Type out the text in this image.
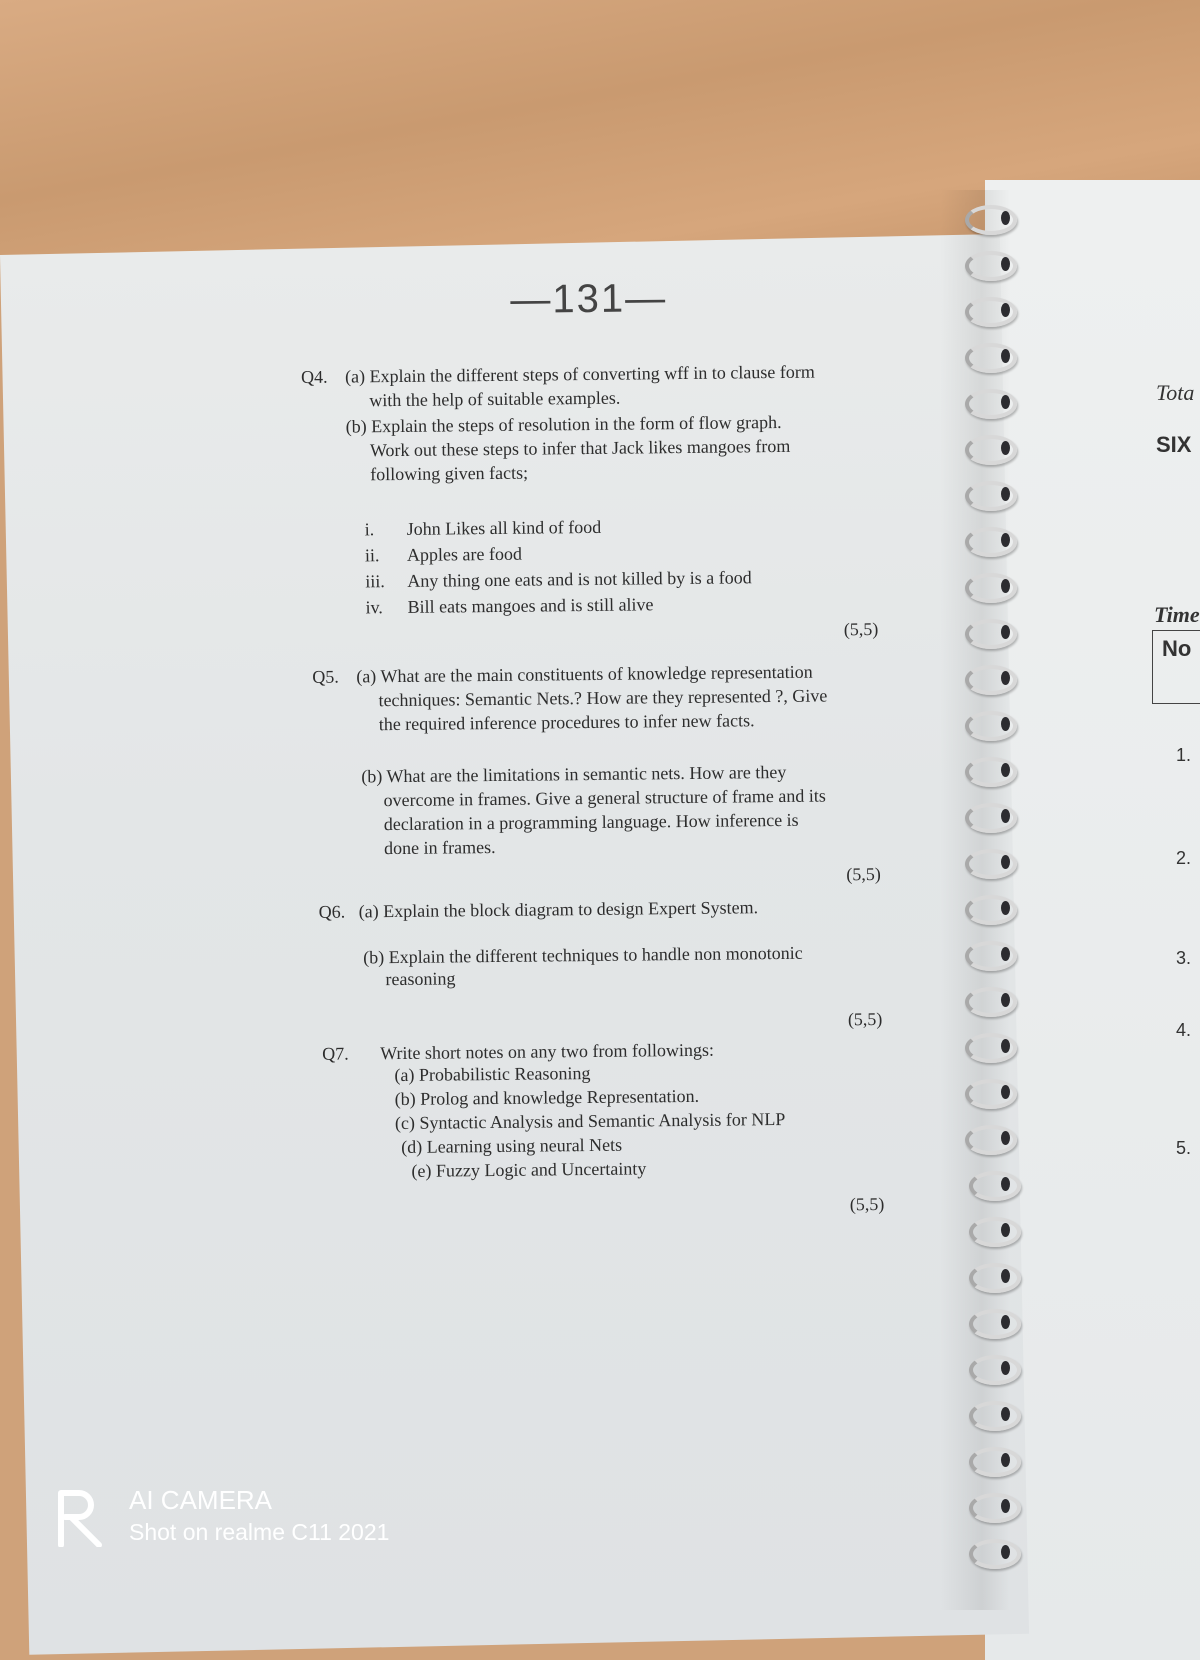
—131—
Q4. (a) Explain the different steps of converting wff in to clause form
with the help of suitable examples.
(b) Explain the steps of resolution in the form of flow graph.
Work out these steps to infer that Jack likes mangoes from
following given facts;
i. John Likes all kind of food
ii. Apples are food
iii. Any thing one eats and is not killed by is a food
iv. Bill eats mangoes and is still alive
(5,5)
Q5. (a) What are the main constituents of knowledge representation
techniques: Semantic Nets.? How are they represented ?, Give
the required inference procedures to infer new facts.
(b) What are the limitations in semantic nets. How are they
overcome in frames. Give a general structure of frame and its
declaration in a programming language. How inference is
done in frames.
(5,5)
Q6. (a) Explain the block diagram to design Expert System.
(b) Explain the different techniques to handle non monotonic
reasoning
(5,5)
Q7. Write short notes on any two from followings:
(a) Probabilistic Reasoning
(b) Prolog and knowledge Representation.
(c) Syntactic Analysis and Semantic Analysis for NLP
(d) Learning using neural Nets
(e) Fuzzy Logic and Uncertainty
(5,5)
Tota
SIX
Time
No
1.
2.
3.
4.
5.
AI CAMERA
Shot on realme C11 2021
